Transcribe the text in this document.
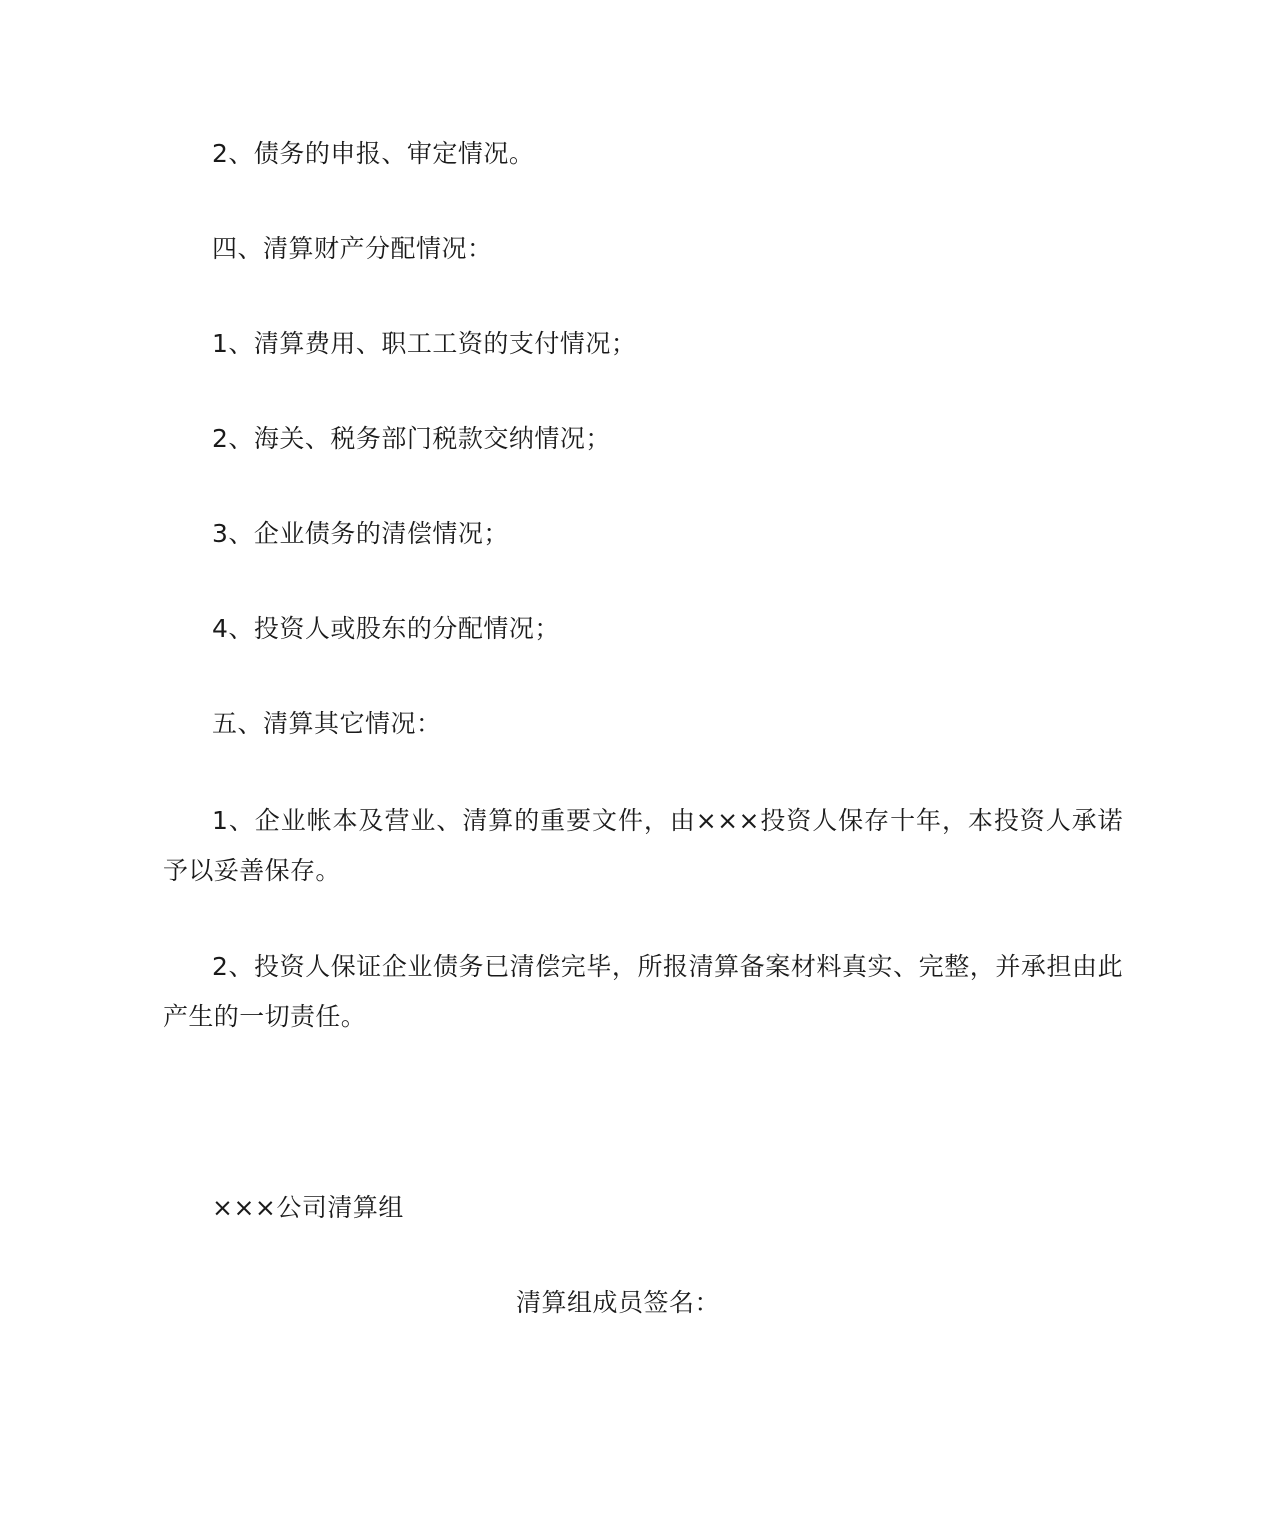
2、债务的申报、审定情况。
四、清算财产分配情况：
1、清算费用、职工工资的支付情况；
2、海关、税务部门税款交纳情况；
3、企业债务的清偿情况；
4、投资人或股东的分配情况；
五、清算其它情况：
1、企业帐本及营业、清算的重要文件，由×××投资人保存十年，本投资人承诺予以妥善保存。
2、投资人保证企业债务已清偿完毕，所报清算备案材料真实、完整，并承担由此产生的一切责任。
×××公司清算组
清算组成员签名：
